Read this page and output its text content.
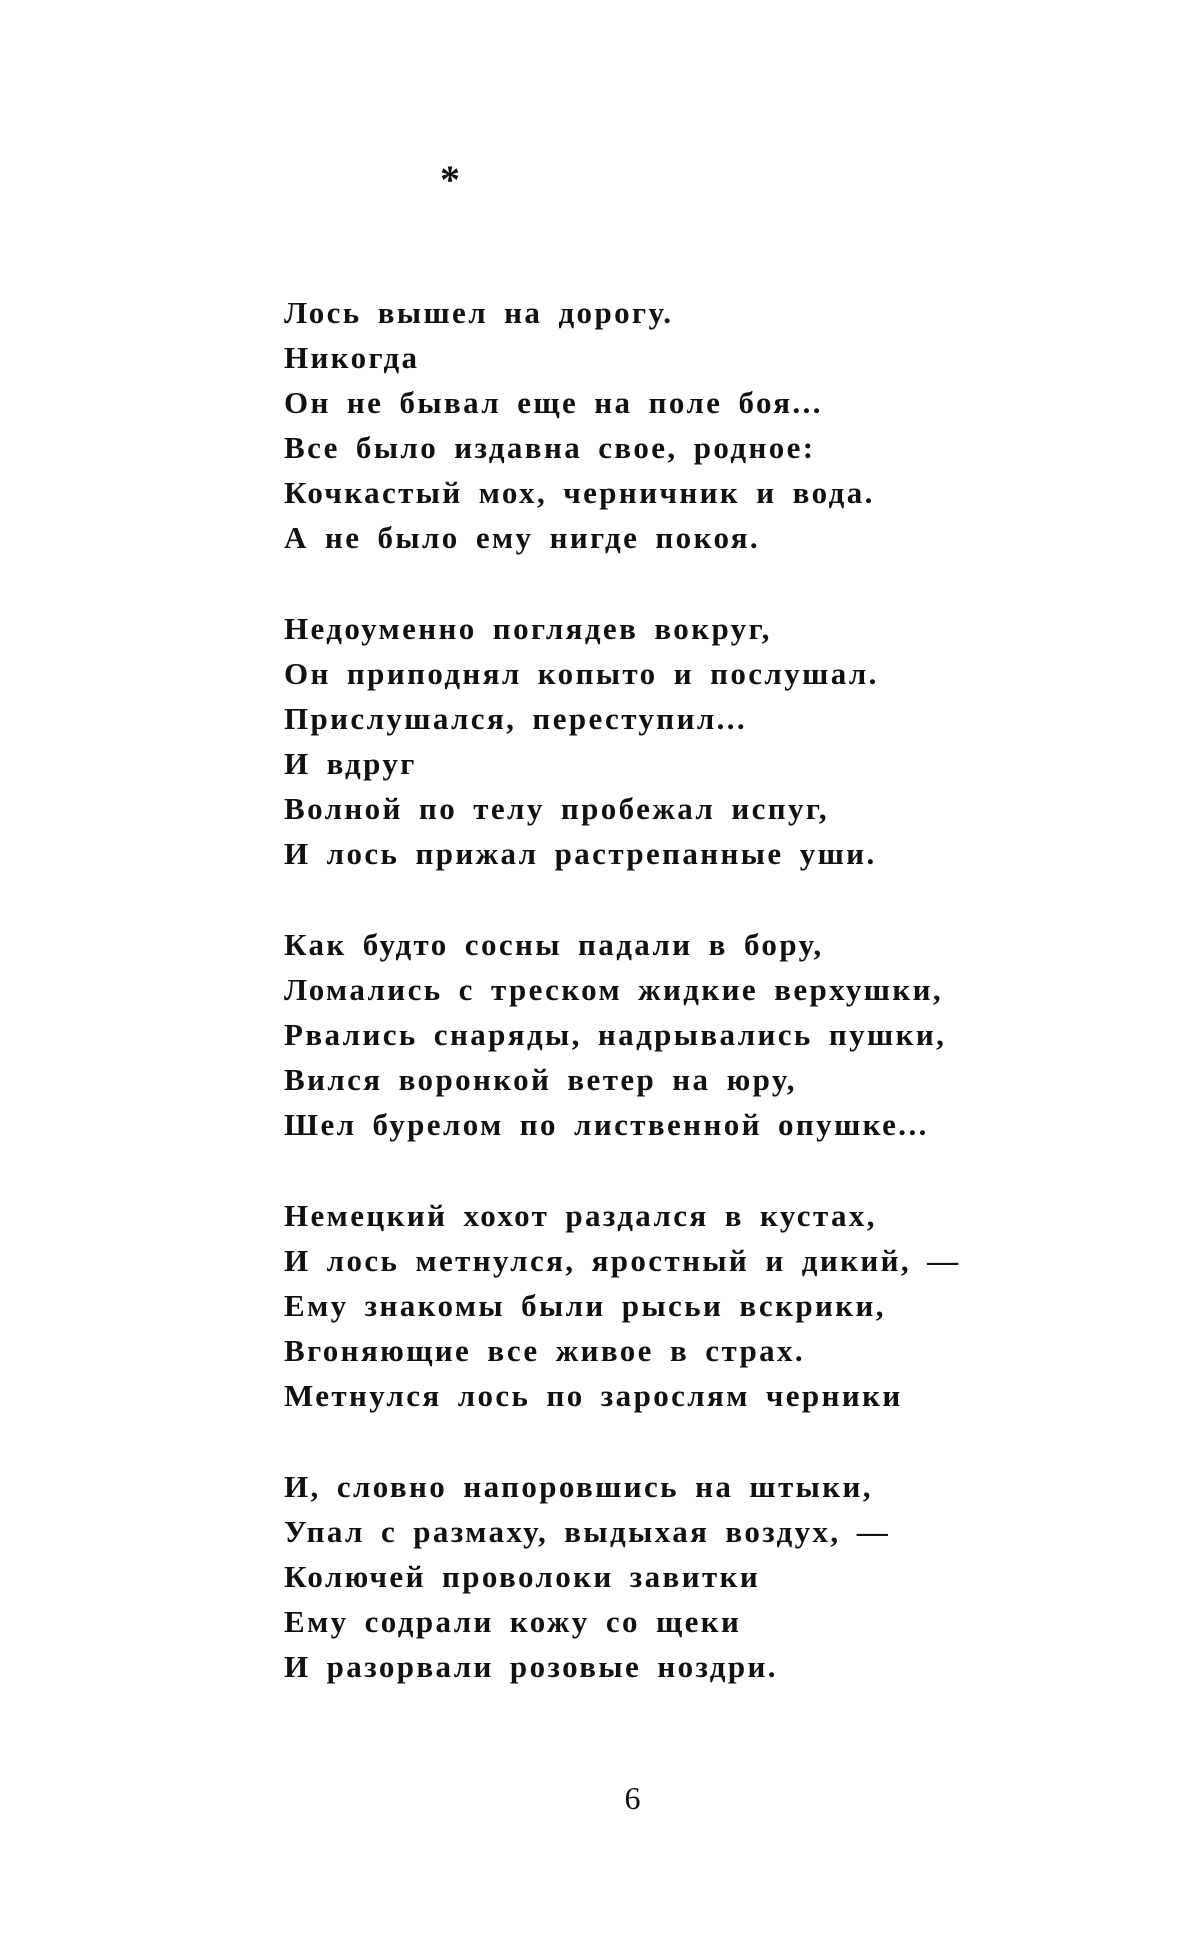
*
Лось вышел на дорогу.
Никогда
Он не бывал еще на поле боя...
Все было издавна свое, родное:
Кочкастый мох, черничник и вода.
А не было ему нигде покоя.
Недоуменно поглядев вокруг,
Он приподнял копыто и послушал.
Прислушался, переступил...
И вдруг
Волной по телу пробежал испуг,
И лось прижал растрепанные уши.
Как будто сосны падали в бору,
Ломались с треском жидкие верхушки,
Рвались снаряды, надрывались пушки,
Вился воронкой ветер на юру,
Шел бурелом по лиственной опушке...
Немецкий хохот раздался в кустах,
И лось метнулся, яростный и дикий, —
Ему знакомы были рысьи вскрики,
Вгоняющие все живое в страх.
Метнулся лось по зарослям черники
И, словно напоровшись на штыки,
Упал с размаху, выдыхая воздух, —
Колючей проволоки завитки
Ему содрали кожу со щеки
И разорвали розовые ноздри.
6
